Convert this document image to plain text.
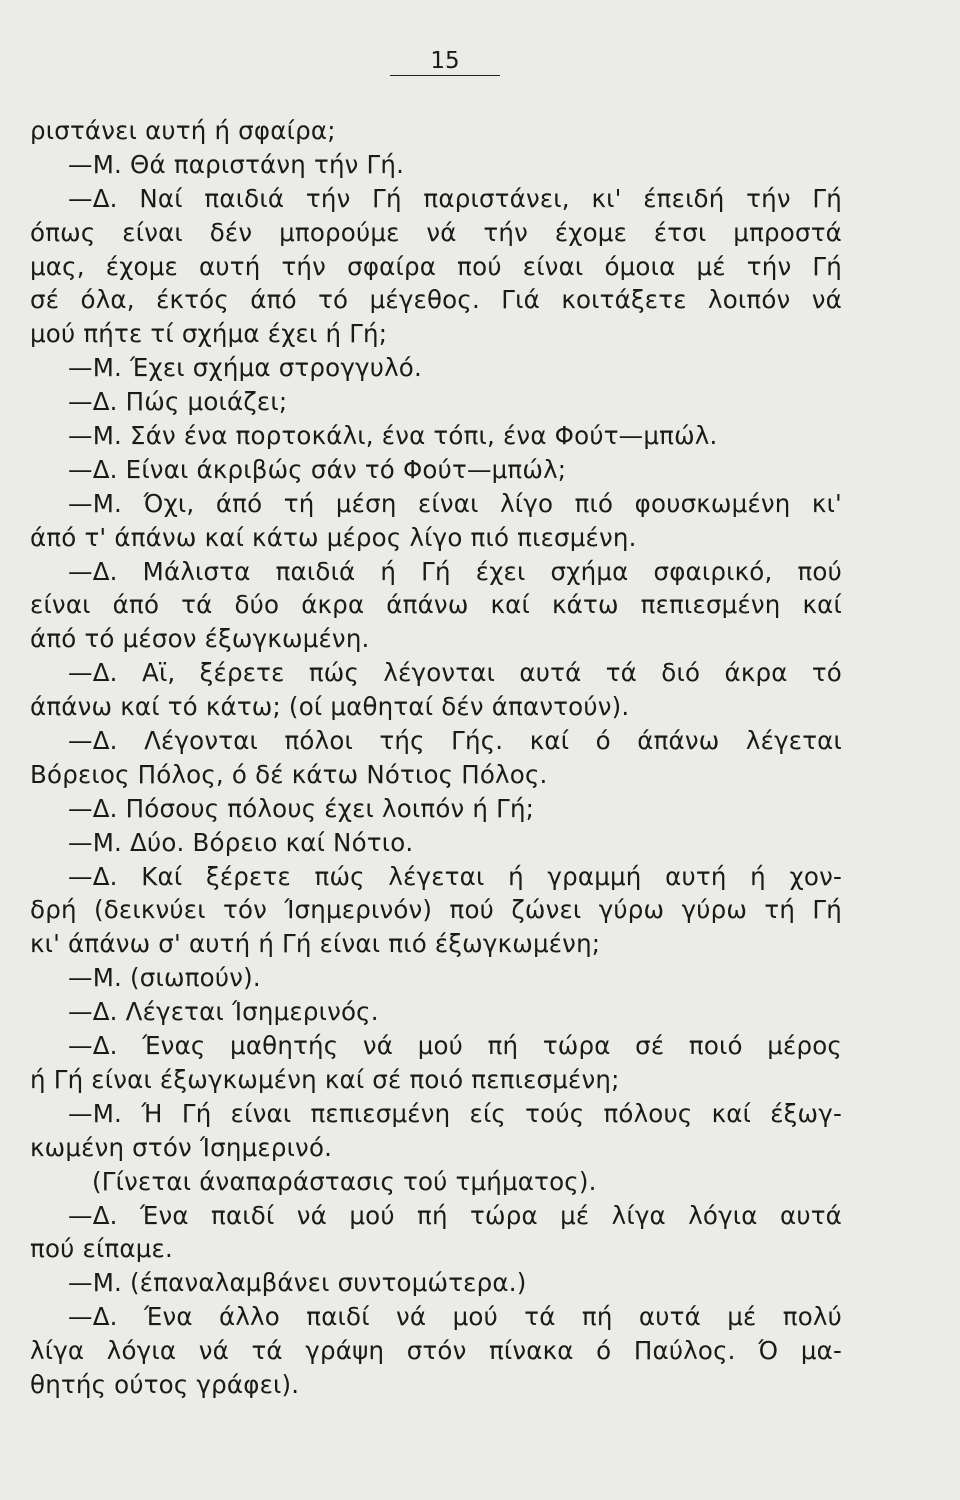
15
ριστάνει αυτή ή σφαίρα;
—Μ. Θά παριστάνη τήν Γή.
—Δ. Ναί παιδιά τήν Γή παριστάνει, κι' έπειδή τήν Γή
όπως είναι δέν μπορούμε νά τήν έχομε έτσι μπροστά
μας, έχομε αυτή τήν σφαίρα πού είναι όμοια μέ τήν Γή
σέ όλα, έκτός άπό τό μέγεθος. Γιά κοιτάξετε λοιπόν νά
μού πήτε τί σχήμα έχει ή Γή;
—Μ. Έχει σχήμα στρογγυλό.
—Δ. Πώς μοιάζει;
—Μ. Σάν ένα πορτοκάλι, ένα τόπι, ένα Φούτ—μπώλ.
—Δ. Είναι άκριβώς σάν τό Φούτ—μπώλ;
—Μ. Όχι, άπό τή μέση είναι λίγο πιό φουσκωμένη κι'
άπό τ' άπάνω καί κάτω μέρος λίγο πιό πιεσμένη.
—Δ. Μάλιστα παιδιά ή Γή έχει σχήμα σφαιρικό, πού
είναι άπό τά δύο άκρα άπάνω καί κάτω πεπιεσμένη καί
άπό τό μέσον έξωγκωμένη.
—Δ. Αϊ, ξέρετε πώς λέγονται αυτά τά διό άκρα τό
άπάνω καί τό κάτω; (οί μαθηταί δέν άπαντούν).
—Δ. Λέγονται πόλοι τής Γής. καί ό άπάνω λέγεται
Βόρειος Πόλος, ό δέ κάτω Νότιος Πόλος.
—Δ. Πόσους πόλους έχει λοιπόν ή Γή;
—Μ. Δύο. Βόρειο καί Νότιο.
—Δ. Καί ξέρετε πώς λέγεται ή γραμμή αυτή ή χον-
δρή (δεικνύει τόν Ίσημερινόν) πού ζώνει γύρω γύρω τή Γή
κι' άπάνω σ' αυτή ή Γή είναι πιό έξωγκωμένη;
—Μ. (σιωπούν).
—Δ. Λέγεται Ίσημερινός.
—Δ. Ένας μαθητής νά μού πή τώρα σέ ποιό μέρος
ή Γή είναι έξωγκωμένη καί σέ ποιό πεπιεσμένη;
—Μ. Ή Γή είναι πεπιεσμένη είς τούς πόλους καί έξωγ-
κωμένη στόν Ίσημερινό.
(Γίνεται άναπαράστασις τού τμήματος).
—Δ. Ένα παιδί νά μού πή τώρα μέ λίγα λόγια αυτά
πού είπαμε.
—Μ. (έπαναλαμβάνει συντομώτερα.)
—Δ. Ένα άλλο παιδί νά μού τά πή αυτά μέ πολύ
λίγα λόγια νά τά γράψη στόν πίνακα ό Παύλος. Ό μα-
θητής ούτος γράφει).
